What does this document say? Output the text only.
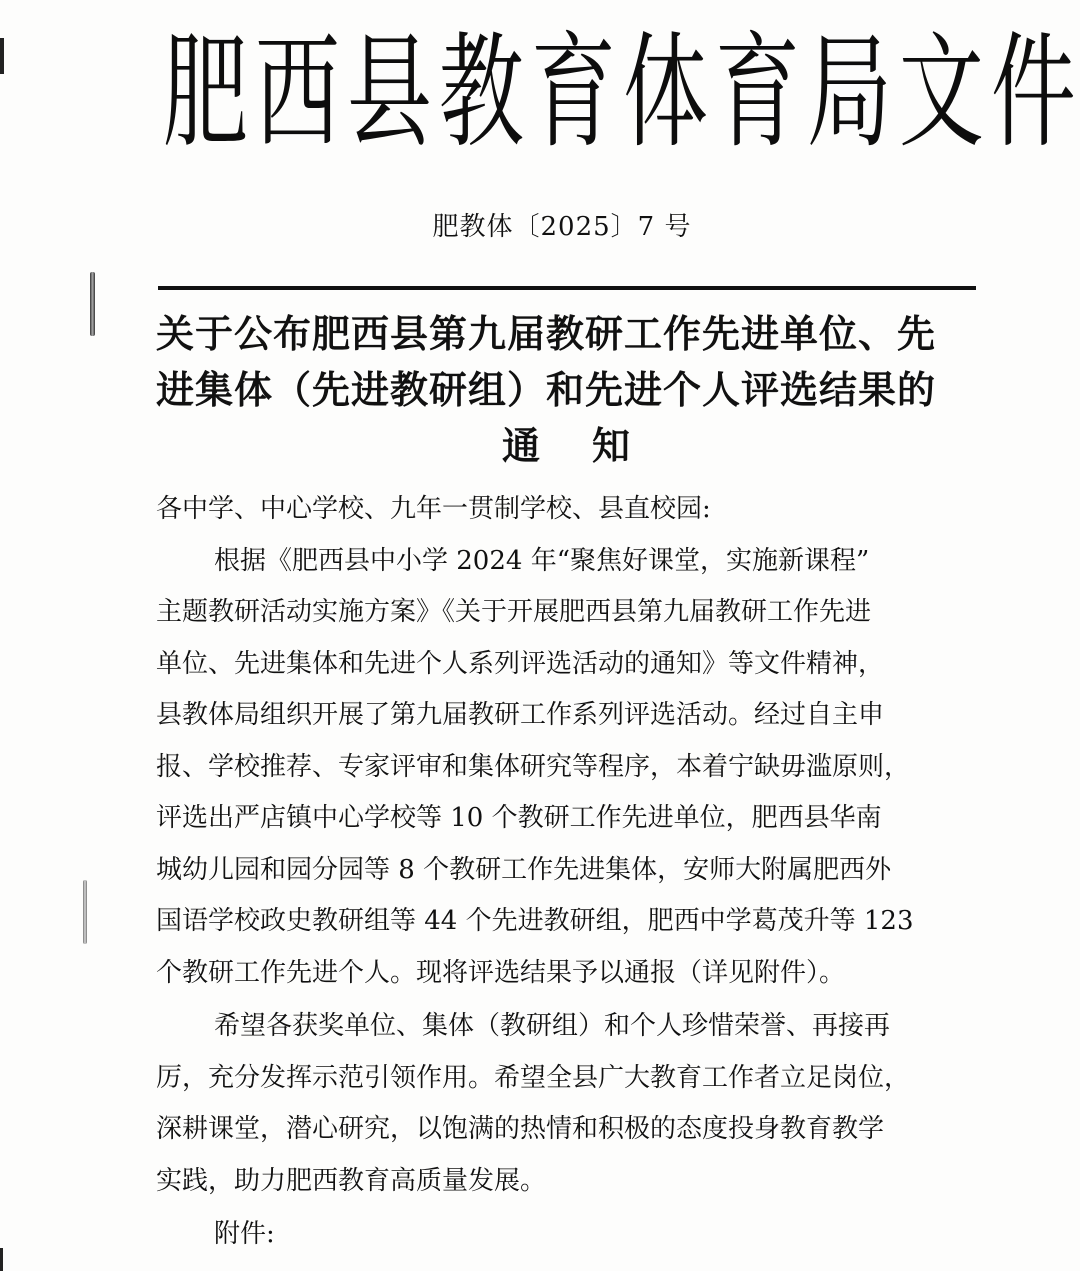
肥 西 县 教 育 体 育 局 文 件
肥教体〔2025〕7 号
关于公布肥西县第九届教研工作先进单位、先
进集体（先进教研组）和先进个人评选结果的
通 知
各中学、中心学校、九年一贯制学校、县直校园:
根据《肥西县中小学 2024 年“聚焦好课堂，实施新课程”
主题教研活动实施方案》《关于开展肥西县第九届教研工作先进
单位、先进集体和先进个人系列评选活动的通知》等文件精神，
县教体局组织开展了第九届教研工作系列评选活动。经过自主申
报、学校推荐、专家评审和集体研究等程序，本着宁缺毋滥原则，
评选出严店镇中心学校等 10 个教研工作先进单位，肥西县华南
城幼儿园和园分园等 8 个教研工作先进集体，安师大附属肥西外
国语学校政史教研组等 44 个先进教研组，肥西中学葛茂升等 123
个教研工作先进个人。现将评选结果予以通报（详见附件）。
希望各获奖单位、集体（教研组）和个人珍惜荣誉、再接再
厉，充分发挥示范引领作用。希望全县广大教育工作者立足岗位，
深耕课堂，潜心研究，以饱满的热情和积极的态度投身教育教学
实践，助力肥西教育高质量发展。
附件:
